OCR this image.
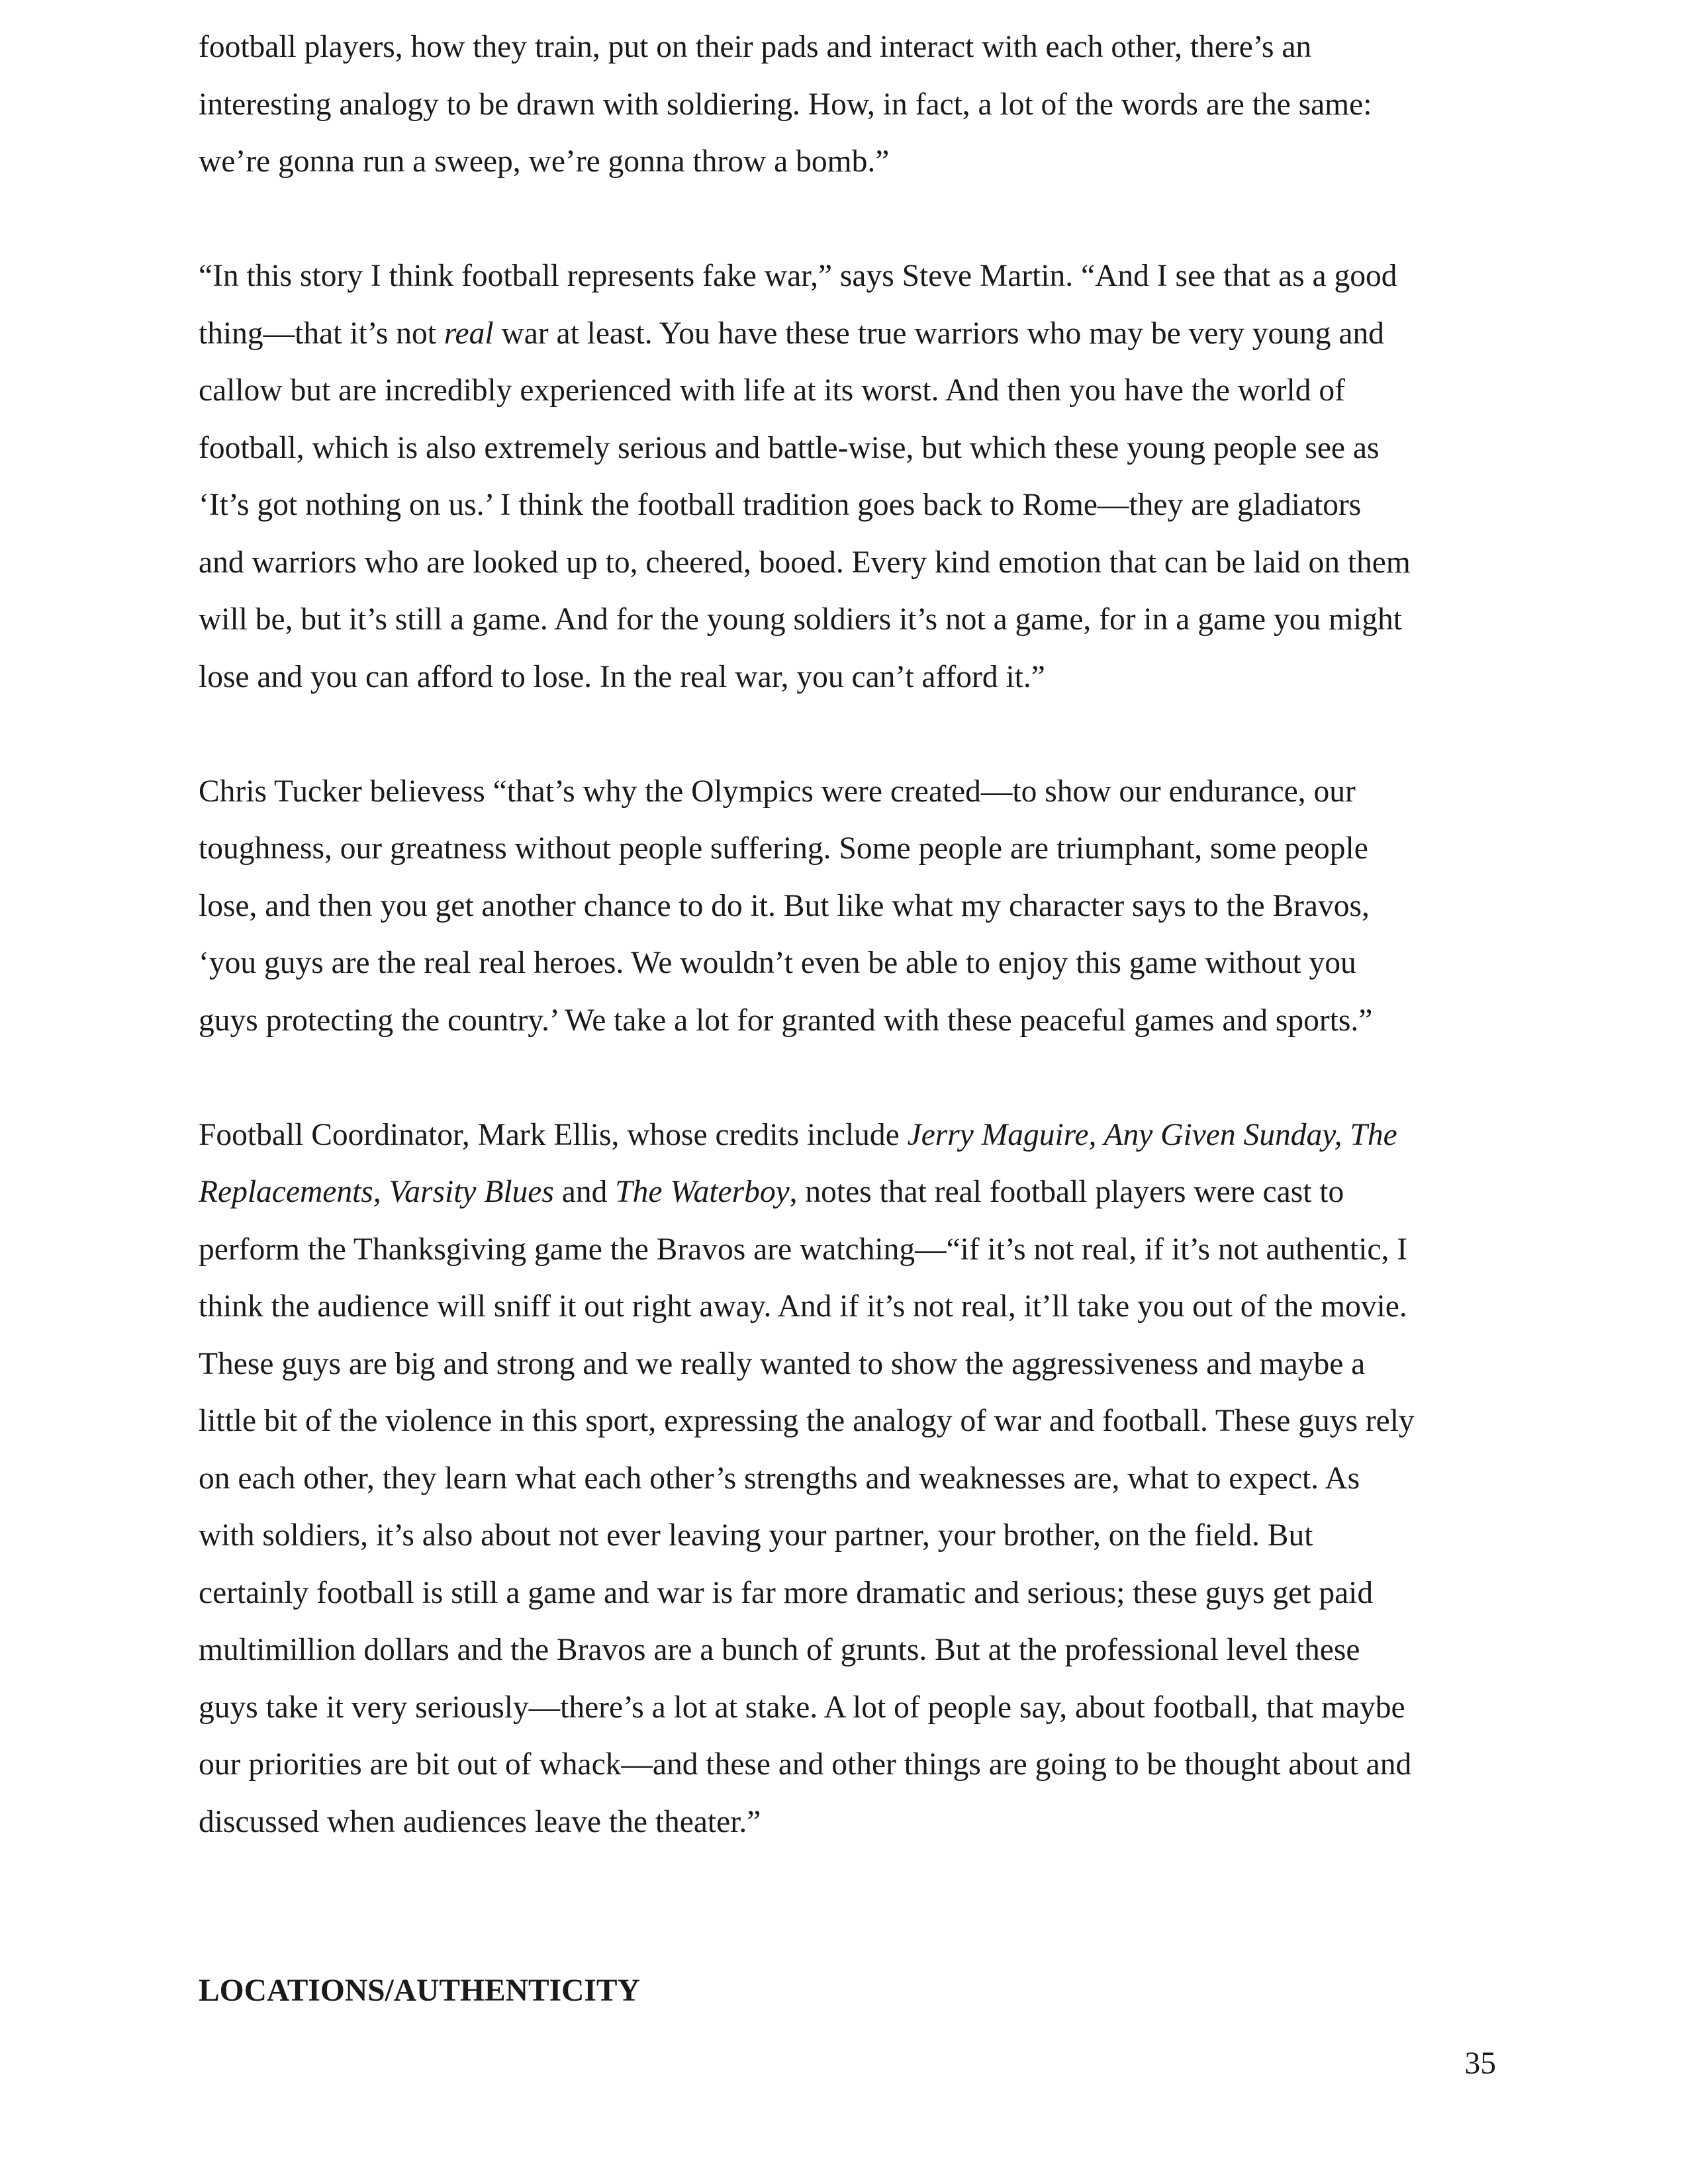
football players, how they train, put on their pads and interact with each other, there’s an
interesting analogy to be drawn with soldiering. How, in fact, a lot of the words are the same:
we’re gonna run a sweep, we’re gonna throw a bomb.”

“In this story I think football represents fake war,” says Steve Martin. “And I see that as a good
thing—that it’s not real war at least. You have these true warriors who may be very young and
callow but are incredibly experienced with life at its worst. And then you have the world of
football, which is also extremely serious and battle-wise, but which these young people see as
‘It’s got nothing on us.’ I think the football tradition goes back to Rome—they are gladiators
and warriors who are looked up to, cheered, booed. Every kind emotion that can be laid on them
will be, but it’s still a game. And for the young soldiers it’s not a game, for in a game you might
lose and you can afford to lose. In the real war, you can’t afford it.”

Chris Tucker believess “that’s why the Olympics were created—to show our endurance, our
toughness, our greatness without people suffering. Some people are triumphant, some people
lose, and then you get another chance to do it. But like what my character says to the Bravos,
‘you guys are the real real heroes. We wouldn’t even be able to enjoy this game without you
guys protecting the country.’ We take a lot for granted with these peaceful games and sports.”

Football Coordinator, Mark Ellis, whose credits include Jerry Maguire, Any Given Sunday, The
Replacements, Varsity Blues and The Waterboy, notes that real football players were cast to
perform the Thanksgiving game the Bravos are watching—“if it’s not real, if it’s not authentic, I
think the audience will sniff it out right away. And if it’s not real, it’ll take you out of the movie.
These guys are big and strong and we really wanted to show the aggressiveness and maybe a
little bit of the violence in this sport, expressing the analogy of war and football. These guys rely
on each other, they learn what each other’s strengths and weaknesses are, what to expect. As
with soldiers, it’s also about not ever leaving your partner, your brother, on the field. But
certainly football is still a game and war is far more dramatic and serious; these guys get paid
multimillion dollars and the Bravos are a bunch of grunts. But at the professional level these
guys take it very seriously—there’s a lot at stake. A lot of people say, about football, that maybe
our priorities are bit out of whack—and these and other things are going to be thought about and
discussed when audiences leave the theater.”

LOCATIONS/AUTHENTICITY
35
